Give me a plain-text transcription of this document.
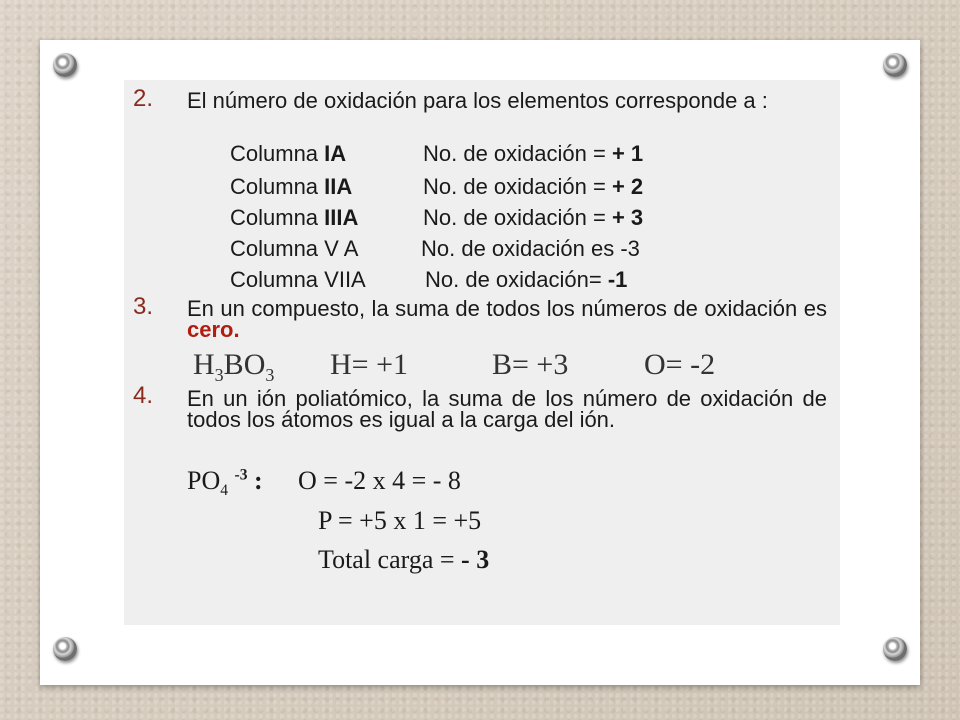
2. El número de oxidación para los elementos corresponde a :
Columna IA	No. de oxidación = + 1
Columna IIA	No. de oxidación = + 2
Columna IIIA	No. de oxidación = + 3
Columna V A	No. de oxidación es -3
Columna VIIA	No. de oxidación= -1
3. En un compuesto, la suma de todos los números de oxidación es cero.
$H_3BO_3$ H= +1	B= +3	O= -2
4. En un ión poliatómico, la suma de los número de oxidación de todos los átomos es igual a la carga del ión.
$PO_4$ $^{-3}$ : O = -2 x 4 = - 8
P = +5 x 1 = +5
Total carga = - 3
